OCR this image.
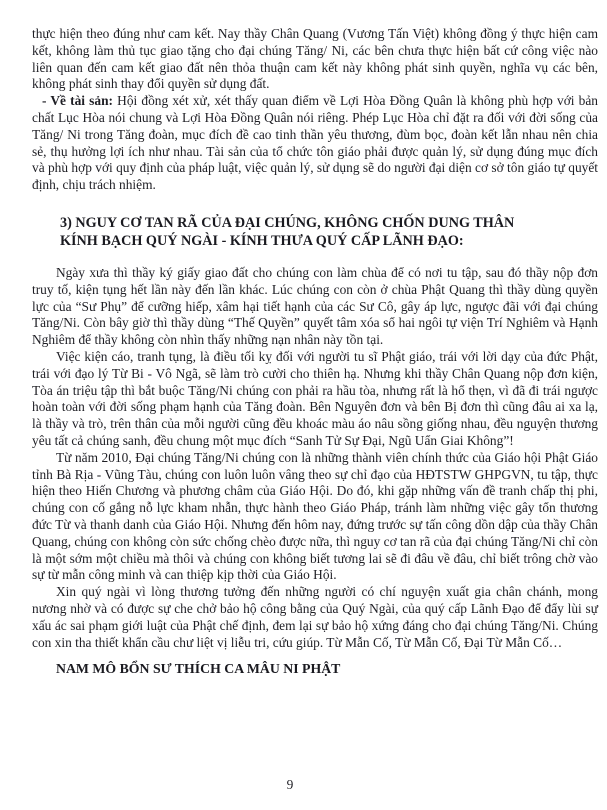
thực hiện theo đúng như cam kết. Nay thầy Chân Quang (Vương Tấn Việt) không đồng ý thực hiện cam kết, không làm thủ tục giao tặng cho đại chúng Tăng/ Ni, các bên chưa thực hiện bất cứ công việc nào liên quan đến cam kết giao đất nên thỏa thuận cam kết này không phát sinh quyền, nghĩa vụ các bên, không phát sinh thay đổi quyền sử dụng đất.

- Về tài sản: Hội đồng xét xử, xét thấy quan điểm về Lợi Hòa Đồng Quân là không phù hợp với bản chất Lục Hòa nói chung và Lợi Hòa Đồng Quân nói riêng. Phép Lục Hòa chỉ đặt ra đối với đời sống của Tăng/ Ni trong Tăng đoàn, mục đích đề cao tinh thần yêu thương, đùm bọc, đoàn kết lẫn nhau nên chia sẻ, thụ hưởng lợi ích như nhau. Tài sản của tổ chức tôn giáo phải được quản lý, sử dụng đúng mục đích và phù hợp với quy định của pháp luật, việc quản lý, sử dụng sẽ do người đại diện cơ sở tôn giáo tự quyết định, chịu trách nhiệm.

3) NGUY CƠ TAN RÃ CỦA ĐẠI CHÚNG, KHÔNG CHỐN DUNG THÂN
KÍNH BẠCH QUÝ NGÀI - KÍNH THƯA QUÝ CẤP LÃNH ĐẠO:

Ngày xưa thì thầy ký giấy giao đất cho chúng con làm chùa để có nơi tu tập, sau đó thầy nộp đơn truy tố, kiện tụng hết lần này đến lần khác. Lúc chúng con còn ở chùa Phật Quang thì thầy dùng quyền lực của “Sư Phụ” để cưỡng hiếp, xâm hại tiết hạnh của các Sư Cô, gây áp lực, ngược đãi với đại chúng Tăng/Ni. Còn bây giờ thì thầy dùng “Thế Quyền” quyết tâm xóa sổ hai ngôi tự viện Trí Nghiêm và Hạnh Nghiêm để thầy không còn nhìn thấy những nạn nhân này tồn tại.

Việc kiện cáo, tranh tụng, là điều tối kỵ đối với người tu sĩ Phật giáo, trái với lời dạy của đức Phật, trái với đạo lý Từ Bi - Vô Ngã, sẽ làm trò cười cho thiên hạ. Nhưng khi thầy Chân Quang nộp đơn kiện, Tòa án triệu tập thì bắt buộc Tăng/Ni chúng con phải ra hầu tòa, nhưng rất là hổ thẹn, vì đã đi trái ngược hoàn toàn với đời sống phạm hạnh của Tăng đoàn. Bên Nguyên đơn và bên Bị đơn thì cũng đâu ai xa lạ, là thầy và trò, trên thân của mỗi người cũng đều khoác màu áo nâu sồng giống nhau, đều nguyện thương yêu tất cả chúng sanh, đều chung một mục đích “Sanh Tử Sự Đại, Ngũ Uẩn Giai Không”!

Từ năm 2010, Đại chúng Tăng/Ni chúng con là những thành viên chính thức của Giáo hội Phật Giáo tỉnh Bà Rịa - Vũng Tàu, chúng con luôn luôn vâng theo sự chỉ đạo của HĐTSTW GHPGVN, tu tập, thực hiện theo Hiến Chương và phương châm của Giáo Hội. Do đó, khi gặp những vấn đề tranh chấp thị phi, chúng con cố gắng nỗ lực kham nhẫn, thực hành theo Giáo Pháp, tránh làm những việc gây tổn thương đức Từ và thanh danh của Giáo Hội. Nhưng đến hôm nay, đứng trước sự tấn công dồn dập của thầy Chân Quang, chúng con không còn sức chống chèo được nữa, thì nguy cơ tan rã của đại chúng Tăng/Ni chỉ còn là một sớm một chiều mà thôi và chúng con không biết tương lai sẽ đi đâu về đâu, chỉ biết trông chờ vào sự từ mẫn công minh và can thiệp kịp thời của Giáo Hội.

Xin quý ngài vì lòng thương tưởng đến những người có chí nguyện xuất gia chân chánh, mong nương nhờ và có được sự che chở bảo hộ công bằng của Quý Ngài, của quý cấp Lãnh Đạo để đẩy lùi sự xấu ác sai phạm giới luật của Phật chế định, đem lại sự bảo hộ xứng đáng cho đại chúng Tăng/Ni. Chúng con xin tha thiết khẩn cầu chư liệt vị liễu tri, cứu giúp. Từ Mẫn Cố, Từ Mẫn Cố, Đại Từ Mẫn Cố…

NAM MÔ BỔN SƯ THÍCH CA MÂU NI PHẬT

9
